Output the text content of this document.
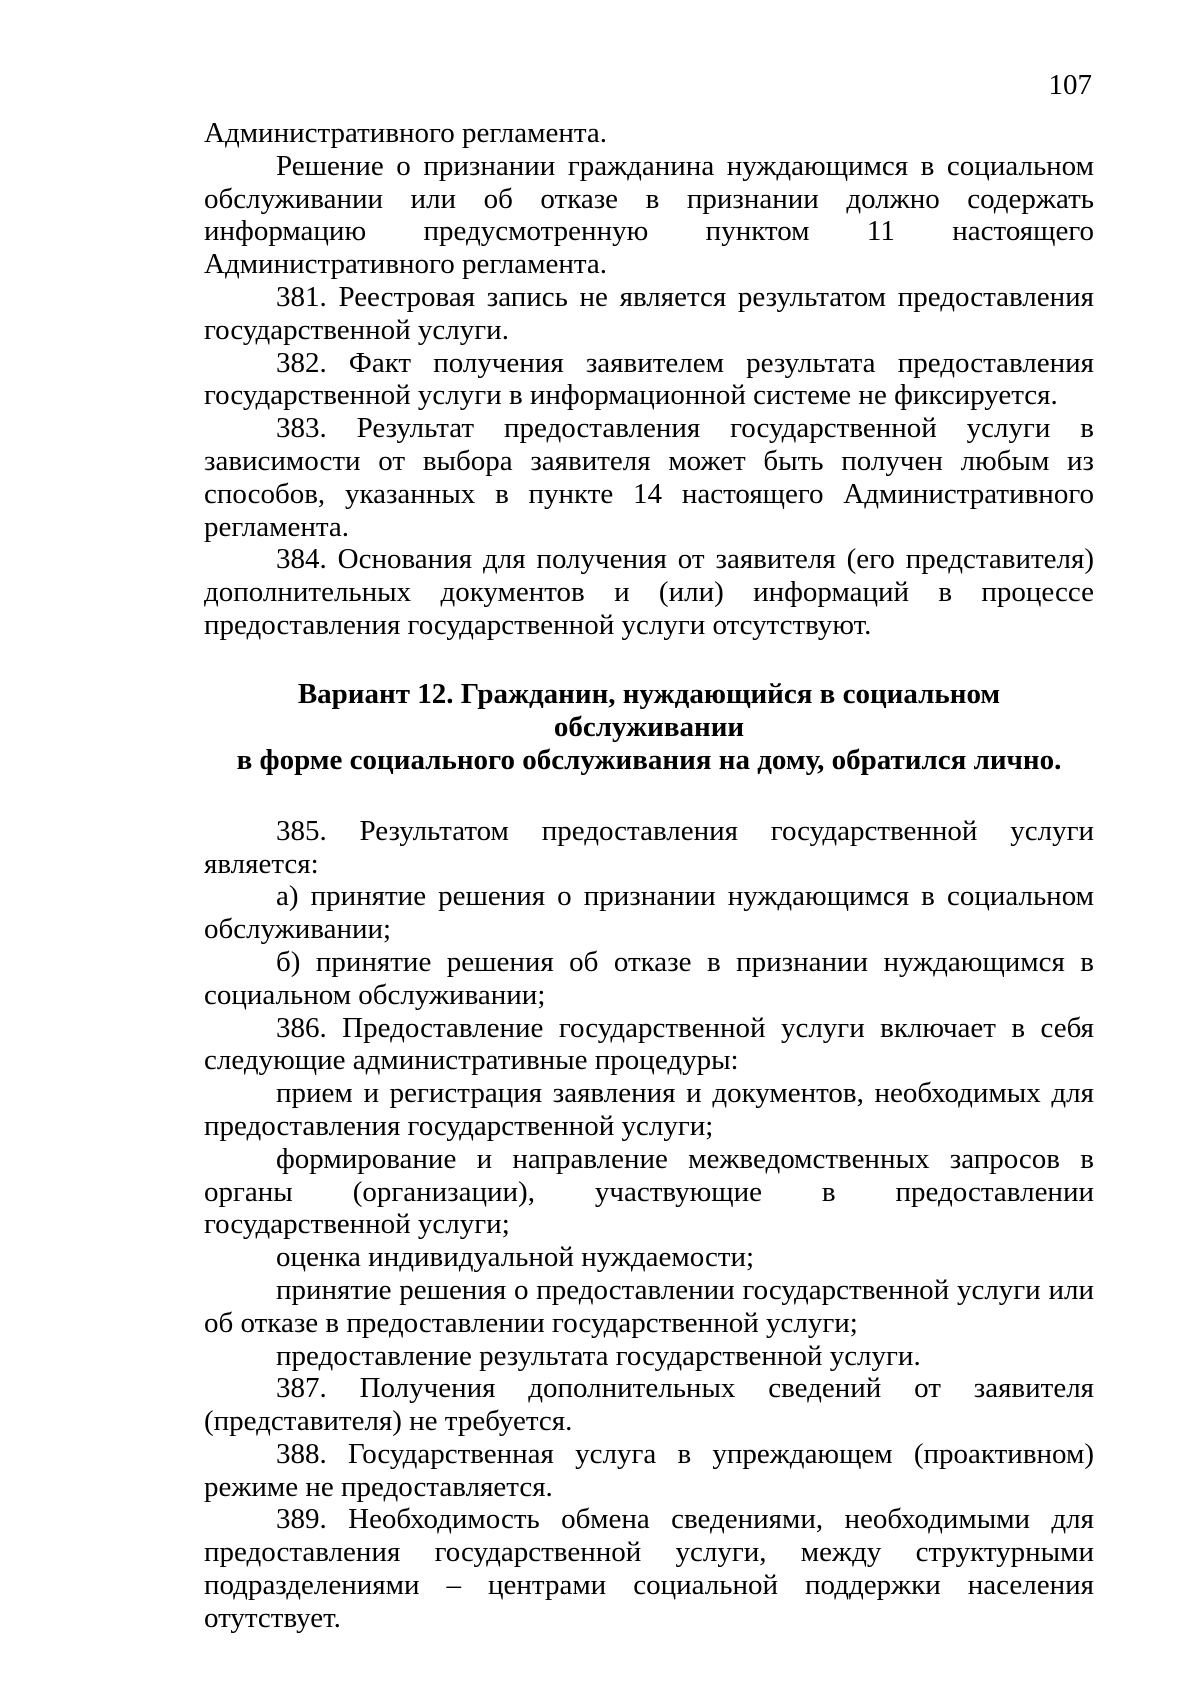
107

Административного регламента.

Решение о признании гражданина нуждающимся в социальном обслуживании или об отказе в признании должно содержать информацию предусмотренную пунктом 11 настоящего Административного регламента.

381. Реестровая запись не является результатом предоставления государственной услуги.

382. Факт получения заявителем результата предоставления государственной услуги в информационной системе не фиксируется.

383. Результат предоставления государственной услуги в зависимости от выбора заявителя может быть получен любым из способов, указанных в пункте 14 настоящего Административного регламента.

384. Основания для получения от заявителя (его представителя) дополнительных документов и (или) информаций в процессе предоставления государственной услуги отсутствуют.

Вариант 12. Гражданин, нуждающийся в социальном обслуживании
в форме социального обслуживания на дому, обратился лично.

385. Результатом предоставления государственной услуги является:

а) принятие решения о признании нуждающимся в социальном обслуживании;

б) принятие решения об отказе в признании нуждающимся в социальном обслуживании;

386. Предоставление государственной услуги включает в себя следующие административные процедуры:

прием и регистрация заявления и документов, необходимых для предоставления государственной услуги;

формирование и направление межведомственных запросов в органы (организации), участвующие в предоставлении государственной услуги;

оценка индивидуальной нуждаемости;

принятие решения о предоставлении государственной услуги или об отказе в предоставлении государственной услуги;

предоставление результата государственной услуги.

387. Получения дополнительных сведений от заявителя (представителя) не требуется.

388. Государственная услуга в упреждающем (проактивном) режиме не предоставляется.

389. Необходимость обмена сведениями, необходимыми для предоставления государственной услуги, между структурными подразделениями – центрами социальной поддержки населения отутствует.
